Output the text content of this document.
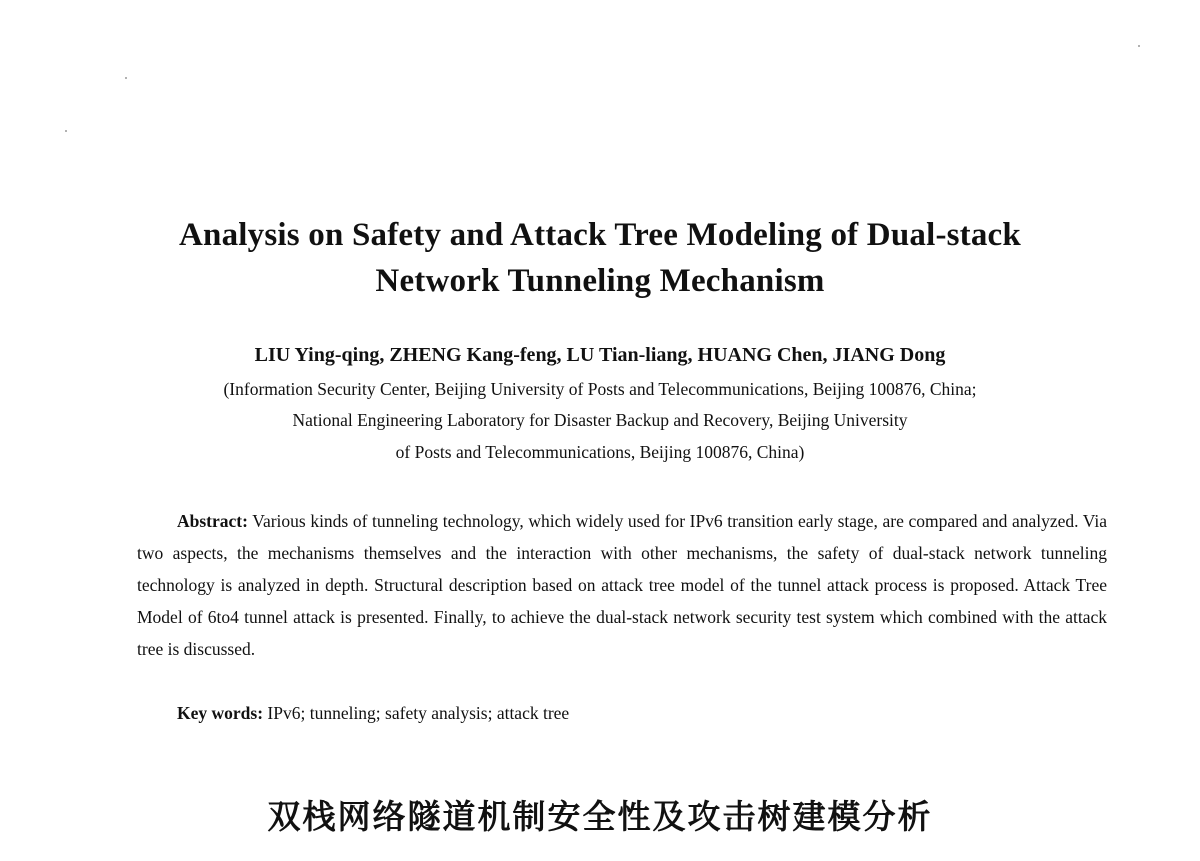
Analysis on Safety and Attack Tree Modeling of Dual-stack
Network Tunneling Mechanism
LIU Ying-qing, ZHENG Kang-feng, LU Tian-liang, HUANG Chen, JIANG Dong
(Information Security Center, Beijing University of Posts and Telecommunications, Beijing 100876, China;
National Engineering Laboratory for Disaster Backup and Recovery, Beijing University
of Posts and Telecommunications, Beijing 100876, China)

Abstract: Various kinds of tunneling technology, which widely used for IPv6 transition early stage, are compared and analyzed. Via two aspects, the mechanisms themselves and the interaction with other mechanisms, the safety of dual-stack network tunneling technology is analyzed in depth. Structural description based on attack tree model of the tunnel attack process is proposed. Attack Tree Model of 6to4 tunnel attack is presented. Finally, to achieve the dual-stack network security test system which combined with the attack tree is discussed.

Key words: IPv6; tunneling; safety analysis; attack tree
双栈网络隧道机制安全性及攻击树建模分析
